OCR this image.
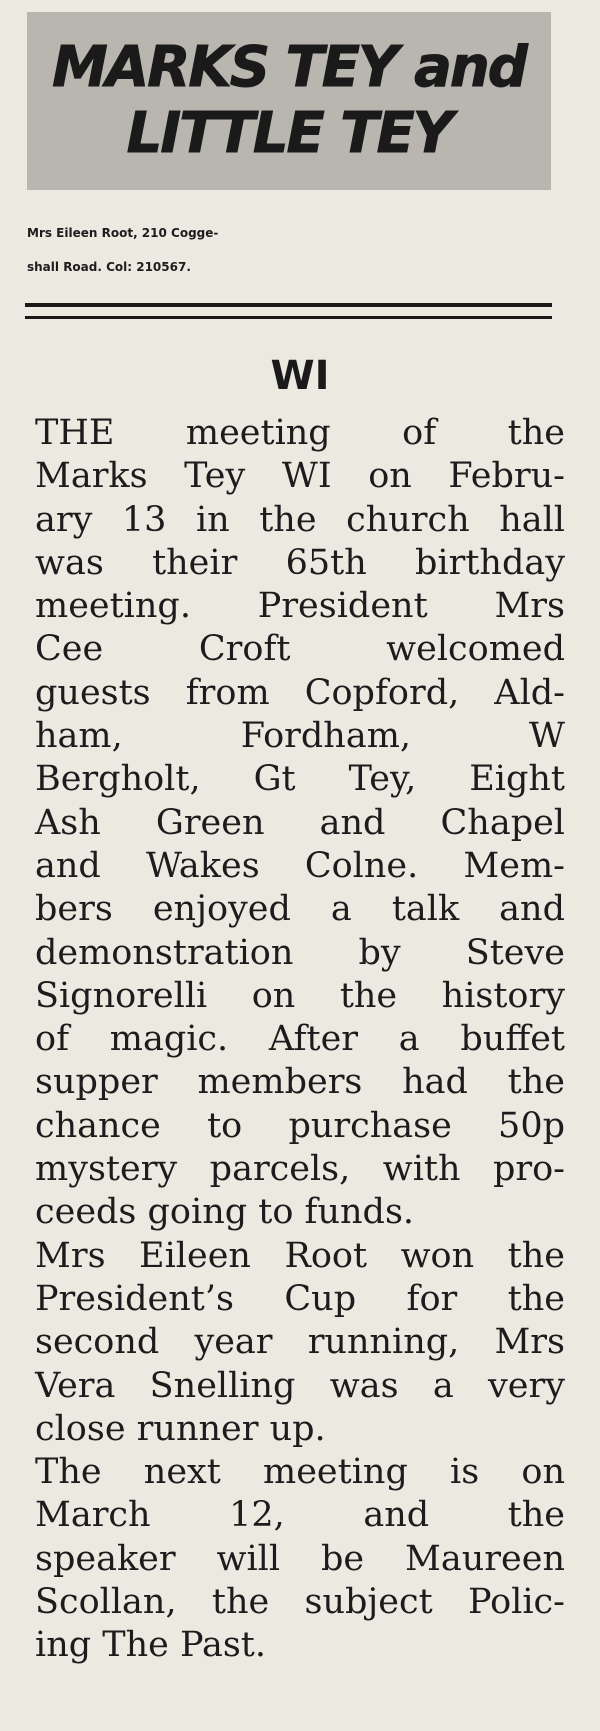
MARKS TEY and
LITTLE TEY
Mrs Eileen Root, 210 Cogge-
shall Road. Col: 210567.
WI
THE meeting of the
Marks Tey WI on Febru-
ary 13 in the church hall
was their 65th birthday
meeting. President Mrs
Cee Croft welcomed
guests from Copford, Ald-
ham, Fordham, W
Bergholt, Gt Tey, Eight
Ash Green and Chapel
and Wakes Colne. Mem-
bers enjoyed a talk and
demonstration by Steve
Signorelli on the history
of magic. After a buffet
supper members had the
chance to purchase 50p
mystery parcels, with pro-
ceeds going to funds.
Mrs Eileen Root won the
President’s Cup for the
second year running, Mrs
Vera Snelling was a very
close runner up.
The next meeting is on
March 12, and the
speaker will be Maureen
Scollan, the subject Polic-
ing The Past.
